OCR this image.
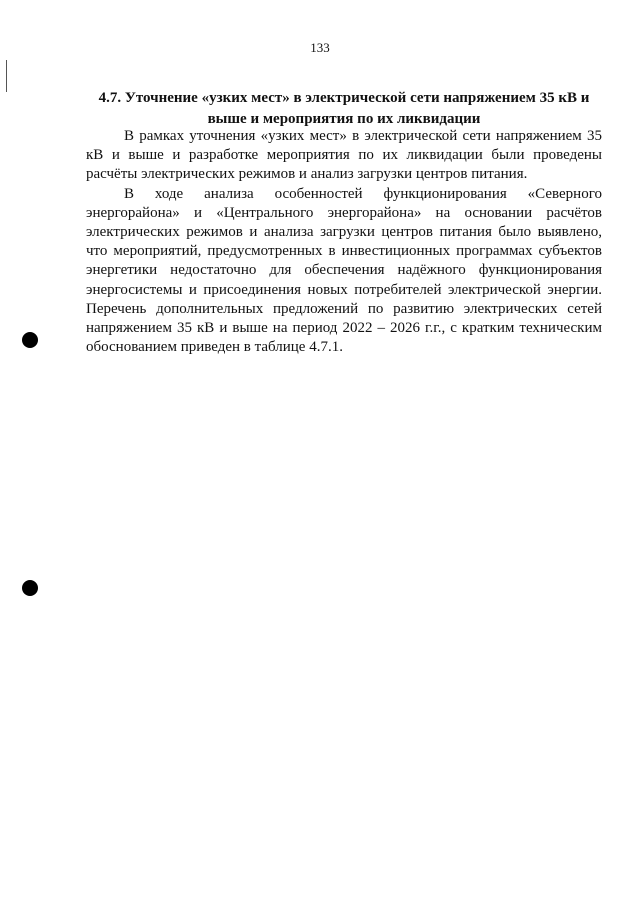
133
4.7. Уточнение «узких мест» в электрической сети напряжением 35 кВ и выше и мероприятия по их ликвидации

В рамках уточнения «узких мест» в электрической сети напряжением 35 кВ и выше и разработке мероприятия по их ликвидации были проведены расчёты электрических режимов и анализ загрузки центров питания.

В ходе анализа особенностей функционирования «Северного энергорайона» и «Центрального энергорайона» на основании расчётов электрических режимов и анализа загрузки центров питания было выявлено, что мероприятий, предусмотренных в инвестиционных программах субъектов энергетики недостаточно для обеспечения надёжного функционирования энергосистемы и присоединения новых потребителей электрической энергии. Перечень дополнительных предложений по развитию электрических сетей напряжением 35 кВ и выше на период 2022 – 2026 г.г., с кратким техническим обоснованием приведен в таблице 4.7.1.
